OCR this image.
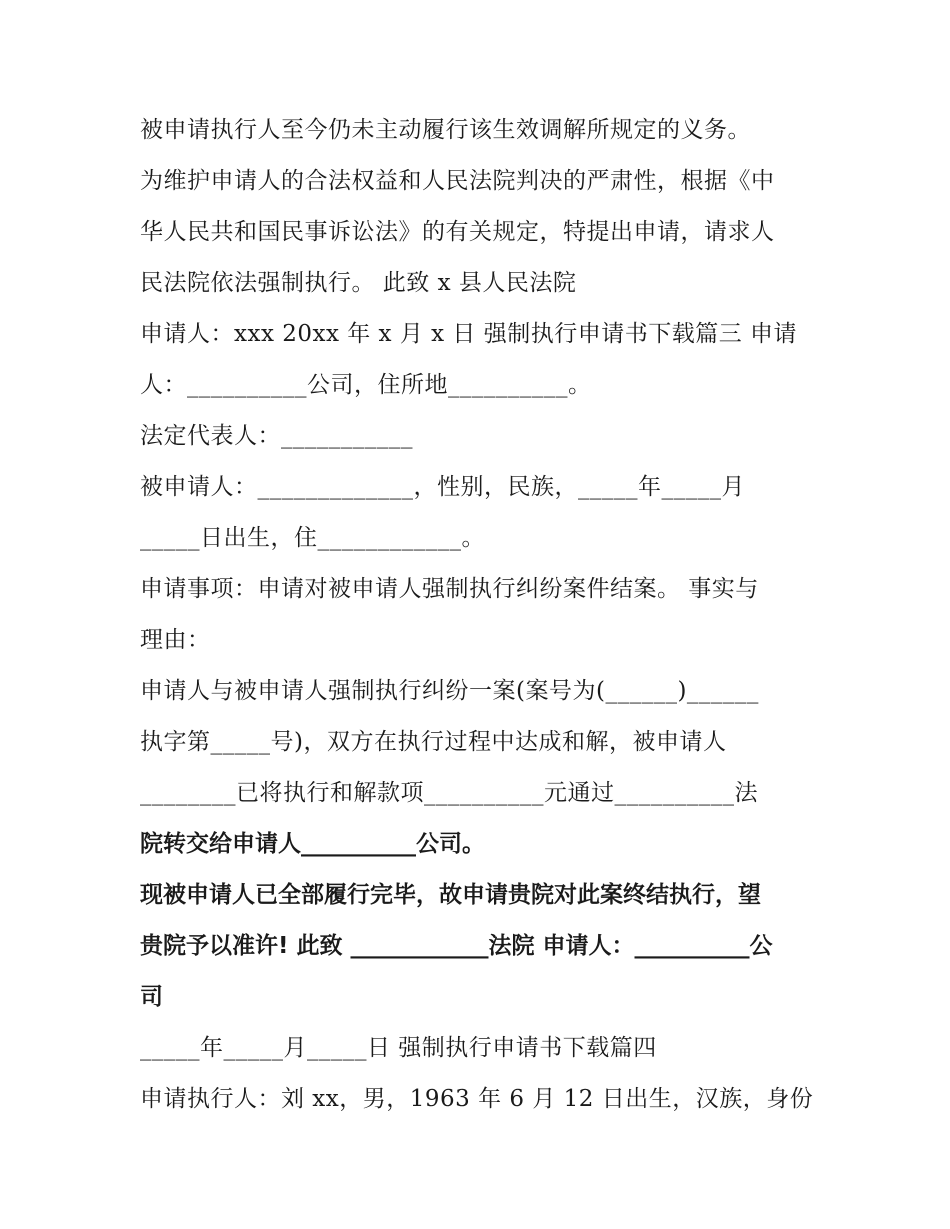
被申请执行人至今仍未主动履行该生效调解所规定的义务。
为维护申请人的合法权益和人民法院判决的严肃性，根据《中
华人民共和国民事诉讼法》的有关规定，特提出申请，请求人
民法院依法强制执行。 此致 x 县人民法院
申请人：xxx 20xx 年 x 月 x 日 强制执行申请书下载篇三 申请
人：__________公司，住所地__________。
法定代表人：___________
被申请人：_____________，性别，民族，_____年_____月
_____日出生，住____________。
申请事项：申请对被申请人强制执行纠纷案件结案。 事实与
理由：
申请人与被申请人强制执行纠纷一案(案号为(______)______
执字第_____号)，双方在执行过程中达成和解，被申请人
________已将执行和解款项__________元通过__________法
院转交给申请人__________公司。
现被申请人已全部履行完毕，故申请贵院对此案终结执行，望
贵院予以准许! 此致 ____________法院 申请人：__________公
司
_____年_____月_____日 强制执行申请书下载篇四
申请执行人：刘 xx，男，1963 年 6 月 12 日出生，汉族，身份
